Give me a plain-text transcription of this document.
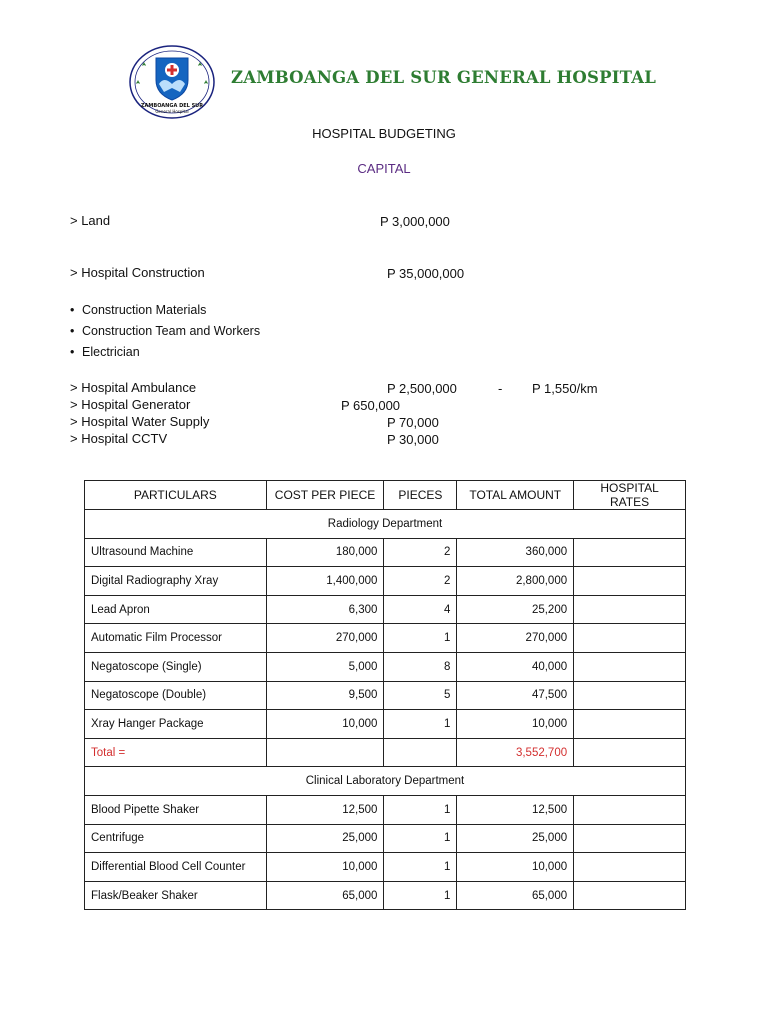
ZAMBOANGA DEL SUR
General Hospital
ZAMBOANGA DEL SUR GENERAL HOSPITAL
HOSPITAL BUDGETING
CAPITAL
> Land	P 3,000,000
> Hospital Construction	P 35,000,000
• Construction Materials
• Construction Team and Workers
• Electrician
> Hospital Ambulance	P 2,500,000	- P 1,550/km
> Hospital Generator	P 650,000
> Hospital Water Supply	P 70,000
> Hospital CCTV	P 30,000
PARTICULARS	COST PER PIECE	PIECES	TOTAL AMOUNT	HOSPITAL RATES
Radiology Department				
Ultrasound Machine	180,000	2	360,000	
Digital Radiography Xray	1,400,000	2	2,800,000	
Lead Apron	6,300	4	25,200	
Automatic Film Processor	270,000	1	270,000	
Negatoscope (Single)	5,000	8	40,000	
Negatoscope (Double)	9,500	5	47,500	
Xray Hanger Package	10,000	1	10,000	
Total =			3,552,700	
Clinical Laboratory Department				
Blood Pipette Shaker	12,500	1	12,500	
Centrifuge	25,000	1	25,000	
Differential Blood Cell Counter	10,000	1	10,000	
Flask/Beaker Shaker	65,000	1	65,000	
